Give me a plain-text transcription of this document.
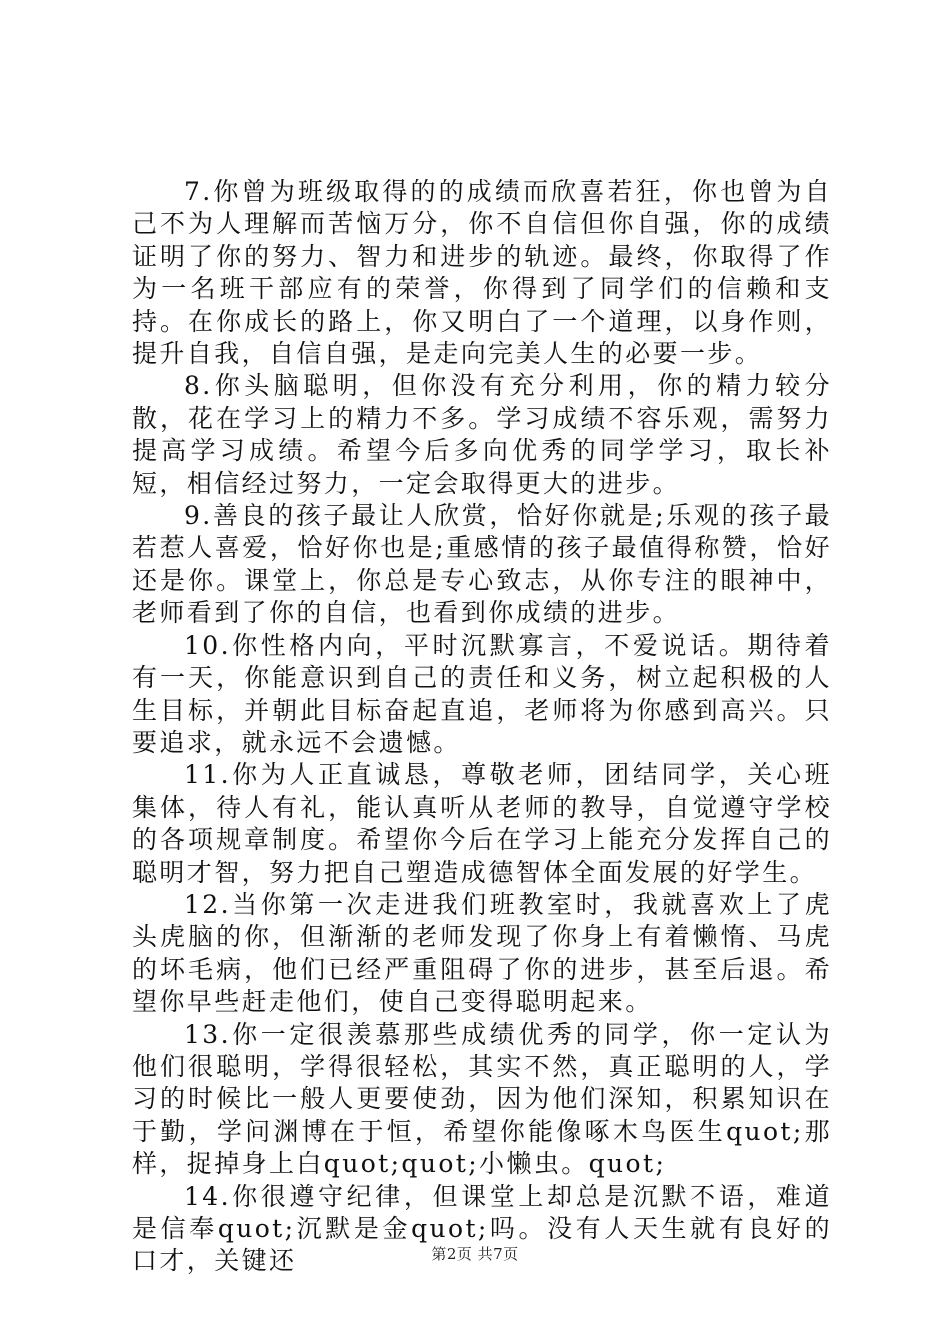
7.你曾为班级取得的的成绩而欣喜若狂，你也曾为自己不为人理解而苦恼万分，你不自信但你自强，你的成绩证明了你的努力、智力和进步的轨迹。最终，你取得了作为一名班干部应有的荣誉，你得到了同学们的信赖和支持。在你成长的路上，你又明白了一个道理，以身作则，提升自我，自信自强，是走向完美人生的必要一步。

8.你头脑聪明，但你没有充分利用，你的精力较分散，花在学习上的精力不多。学习成绩不容乐观，需努力提高学习成绩。希望今后多向优秀的同学学习，取长补短，相信经过努力，一定会取得更大的进步。

9.善良的孩子最让人欣赏，恰好你就是;乐观的孩子最若惹人喜爱，恰好你也是;重感情的孩子最值得称赞，恰好还是你。课堂上，你总是专心致志，从你专注的眼神中，老师看到了你的自信，也看到你成绩的进步。

10.你性格内向，平时沉默寡言，不爱说话。期待着有一天，你能意识到自己的责任和义务，树立起积极的人生目标，并朝此目标奋起直追，老师将为你感到高兴。只要追求，就永远不会遗憾。

11.你为人正直诚恳，尊敬老师，团结同学，关心班集体，待人有礼，能认真听从老师的教导，自觉遵守学校的各项规章制度。希望你今后在学习上能充分发挥自己的聪明才智，努力把自己塑造成德智体全面发展的好学生。

12.当你第一次走进我们班教室时，我就喜欢上了虎头虎脑的你，但渐渐的老师发现了你身上有着懒惰、马虎的坏毛病，他们已经严重阻碍了你的进步，甚至后退。希望你早些赶走他们，使自己变得聪明起来。

13.你一定很羡慕那些成绩优秀的同学，你一定认为他们很聪明，学得很轻松，其实不然，真正聪明的人，学习的时候比一般人更要使劲，因为他们深知，积累知识在于勤，学问渊博在于恒，希望你能像啄木鸟医生quot;那样，捉掉身上白quot;quot;小懒虫。quot;

14.你很遵守纪律，但课堂上却总是沉默不语，难道是信奉quot;沉默是金quot;吗。没有人天生就有良好的口才，关键还	第2页 共7页
